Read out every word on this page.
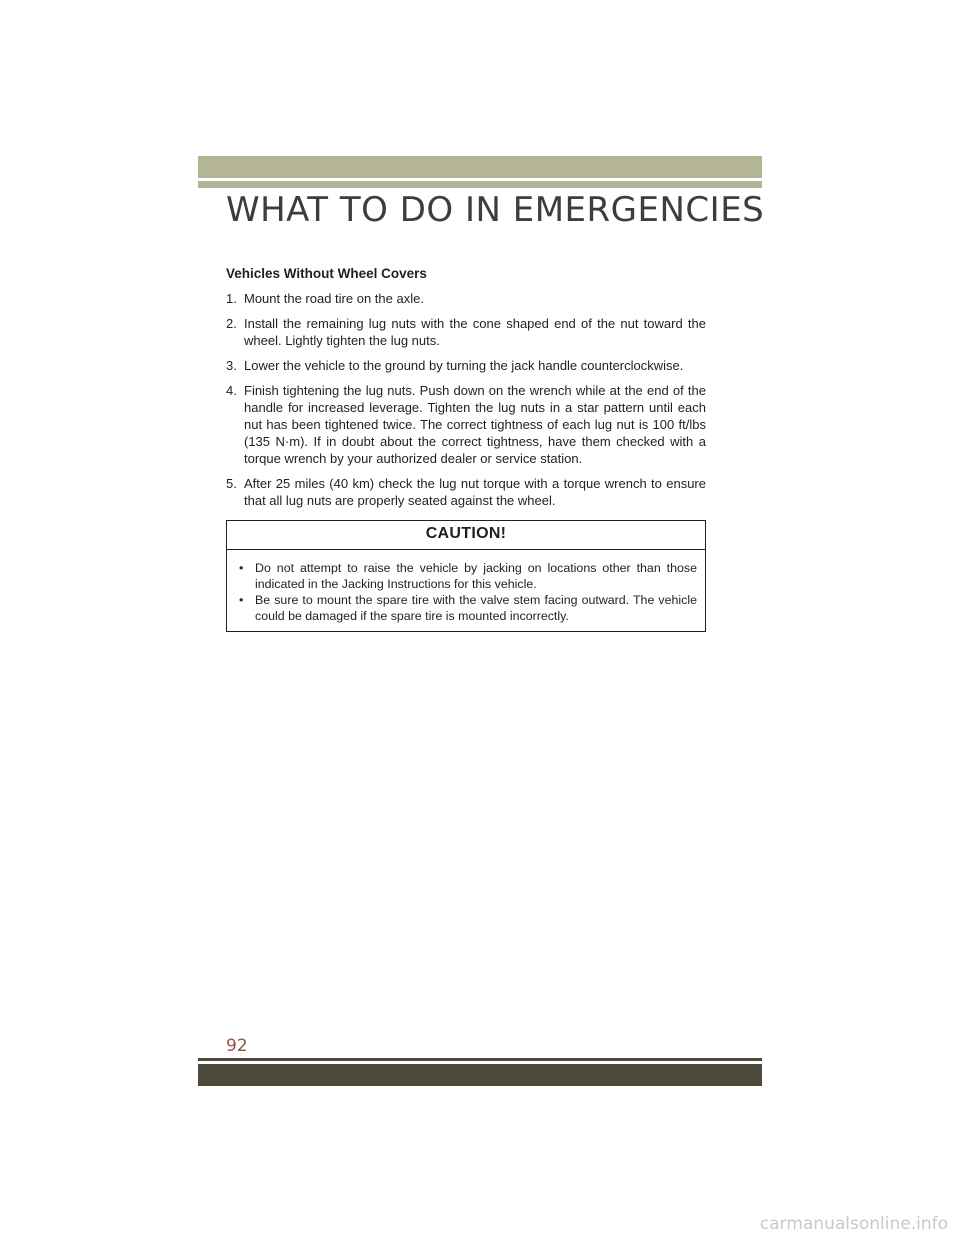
WHAT TO DO IN EMERGENCIES
Vehicles Without Wheel Covers
1. Mount the road tire on the axle.
2. Install the remaining lug nuts with the cone shaped end of the nut toward the wheel. Lightly tighten the lug nuts.
3. Lower the vehicle to the ground by turning the jack handle counterclockwise.
4. Finish tightening the lug nuts. Push down on the wrench while at the end of the handle for increased leverage. Tighten the lug nuts in a star pattern until each nut has been tightened twice. The correct tightness of each lug nut is 100 ft/lbs (135 N·m). If in doubt about the correct tightness, have them checked with a torque wrench by your authorized dealer or service station.
5. After 25 miles (40 km) check the lug nut torque with a torque wrench to ensure that all lug nuts are properly seated against the wheel.
CAUTION!
• Do not attempt to raise the vehicle by jacking on locations other than those indicated in the Jacking Instructions for this vehicle.
• Be sure to mount the spare tire with the valve stem facing outward. The vehicle could be damaged if the spare tire is mounted incorrectly.

92

carmanualsonline.info
